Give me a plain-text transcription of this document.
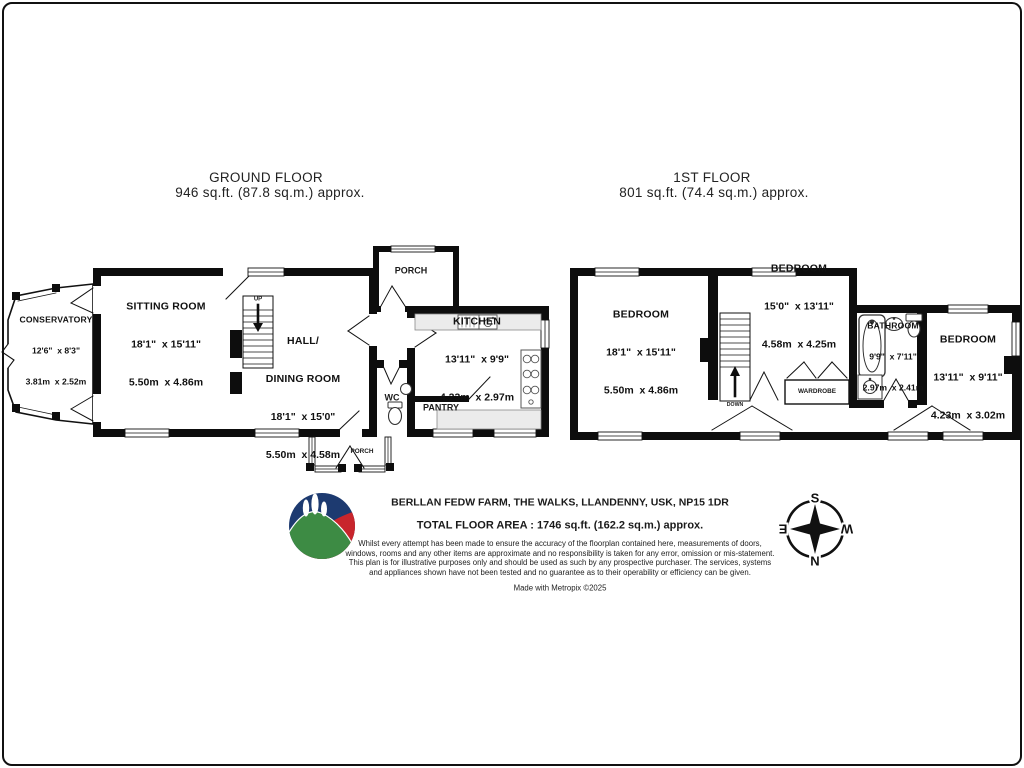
S
N
E	W
GROUND FLOOR
946 sq.ft. (87.8 sq.m.) approx.
1ST FLOOR
801 sq.ft. (74.4 sq.m.) approx.

CONSERVATORY

12'6"  x 8'3"

3.81m  x 2.52m

SITTING ROOM

18'1"  x 15'11"

5.50m  x 4.86m

HALL/

DINING ROOM

18'1"  x 15'0"

5.50m  x 4.58m

KITCHEN

13'11"  x 9'9"

4.23m  x 2.97m

PORCH
PORCH
WC
PANTRY
UP

BEDROOM

18'1"  x 15'11"

5.50m  x 4.86m

BEDROOM

15'0"  x 13'11"

4.58m  x 4.25m

BATHROOM

9'9"  x 7'11"

2.97m  x 2.41m

BEDROOM

13'11"  x 9'11"

4.23m  x 3.02m

WARDROBE
DOWN
BERLLAN FEDW FARM, THE WALKS, LLANDENNY, USK, NP15 1DR
TOTAL FLOOR AREA : 1746 sq.ft. (162.2 sq.m.) approx.
Whilst every attempt has been made to ensure the accuracy of the floorplan contained here, measurements of doors, windows, rooms and any other items are approximate and no responsibility is taken for any error, omission or mis-statement. This plan is for illustrative purposes only and should be used as such by any prospective purchaser. The services, systems and appliances shown have not been tested and no guarantee as to their operability or efficiency can be given.
Made with Metropix ©2025
